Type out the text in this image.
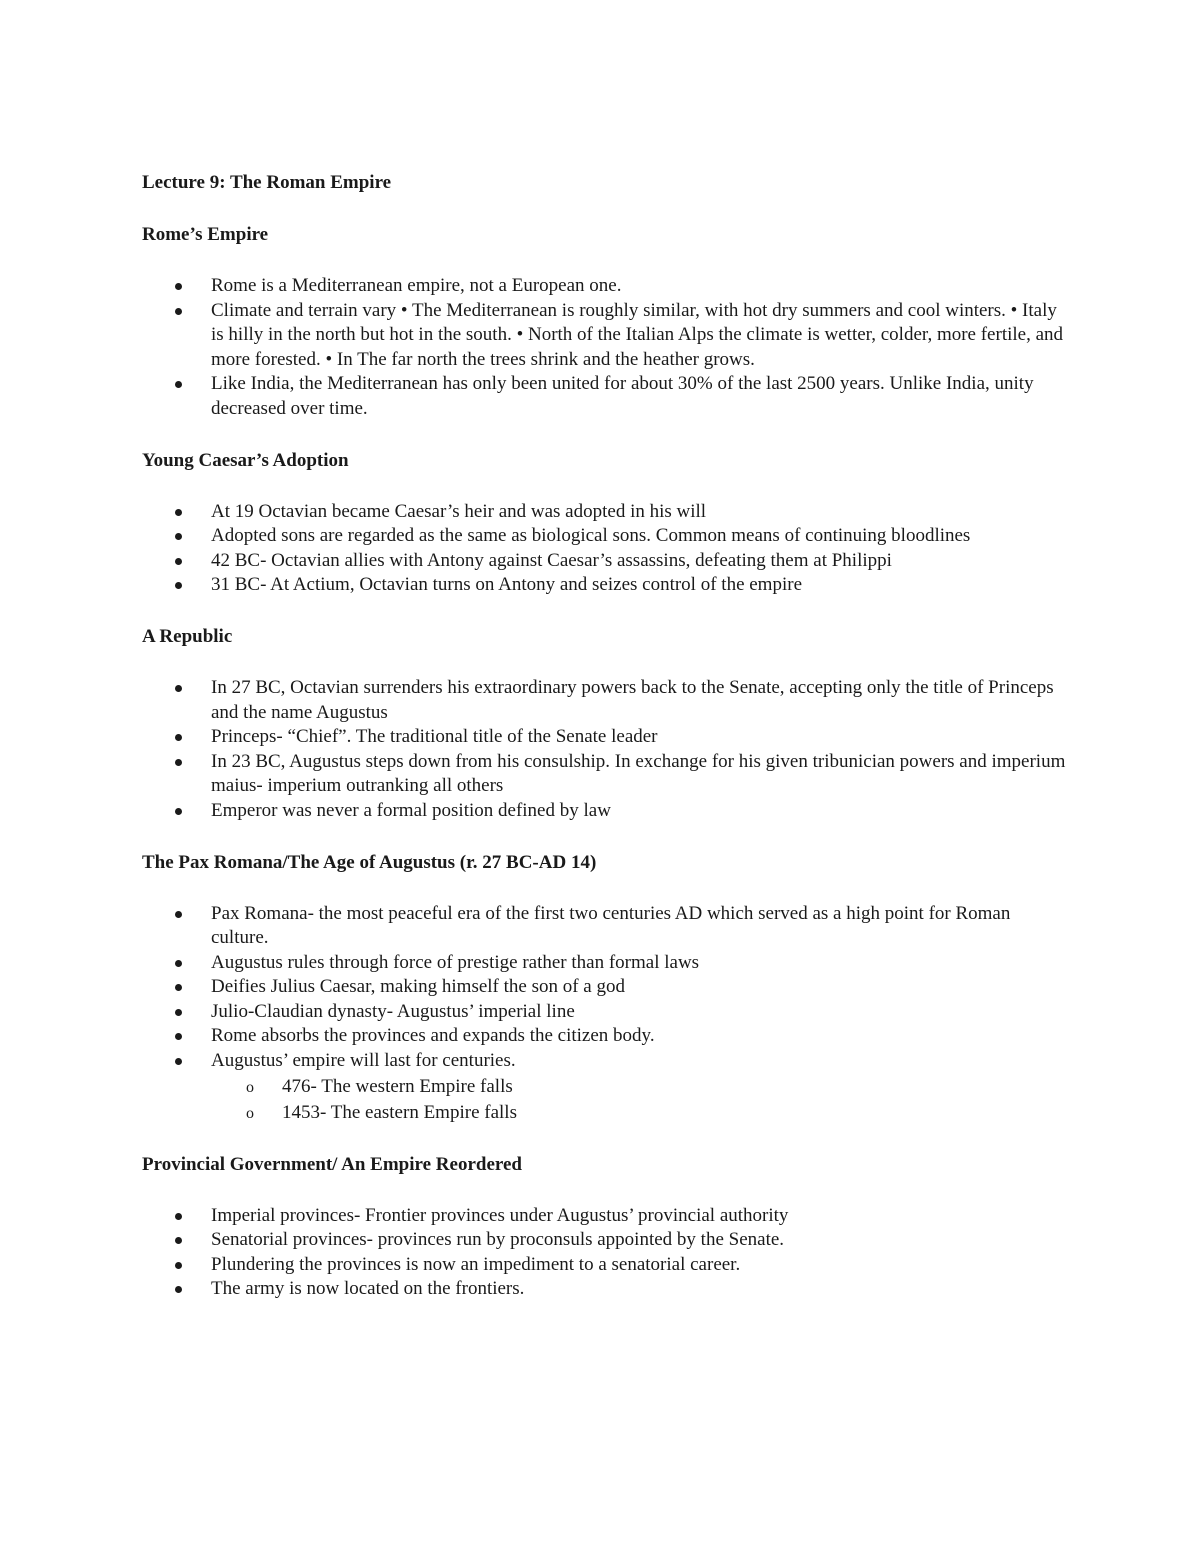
Lecture 9: The Roman Empire
Rome’s Empire
Rome is a Mediterranean empire, not a European one.
Climate and terrain vary • The Mediterranean is roughly similar, with hot dry summers and cool winters. • Italy is hilly in the north but hot in the south. • North of the Italian Alps the climate is wetter, colder, more fertile, and more forested. • In The far north the trees shrink and the heather grows.
Like India, the Mediterranean has only been united for about 30% of the last 2500 years. Unlike India, unity decreased over time.
Young Caesar’s Adoption
At 19 Octavian became Caesar’s heir and was adopted in his will
Adopted sons are regarded as the same as biological sons. Common means of continuing bloodlines
42 BC- Octavian allies with Antony against Caesar’s assassins, defeating them at Philippi
31 BC- At Actium, Octavian turns on Antony and seizes control of the empire
A Republic
In 27 BC, Octavian surrenders his extraordinary powers back to the Senate, accepting only the title of Princeps and the name Augustus
Princeps- “Chief”. The traditional title of the Senate leader
In 23 BC, Augustus steps down from his consulship. In exchange for his given tribunician powers and imperium maius- imperium outranking all others
Emperor was never a formal position defined by law
The Pax Romana/The Age of Augustus (r. 27 BC-AD 14)
Pax Romana- the most peaceful era of the first two centuries AD which served as a high point for Roman culture.
Augustus rules through force of prestige rather than formal laws
Deifies Julius Caesar, making himself the son of a god
Julio-Claudian dynasty- Augustus’ imperial line
Rome absorbs the provinces and expands the citizen body.
Augustus’ empire will last for centuries.
o	476- The western Empire falls
o	1453- The eastern Empire falls
Provincial Government/ An Empire Reordered
Imperial provinces- Frontier provinces under Augustus’ provincial authority
Senatorial provinces- provinces run by proconsuls appointed by the Senate.
Plundering the provinces is now an impediment to a senatorial career.
The army is now located on the frontiers.
